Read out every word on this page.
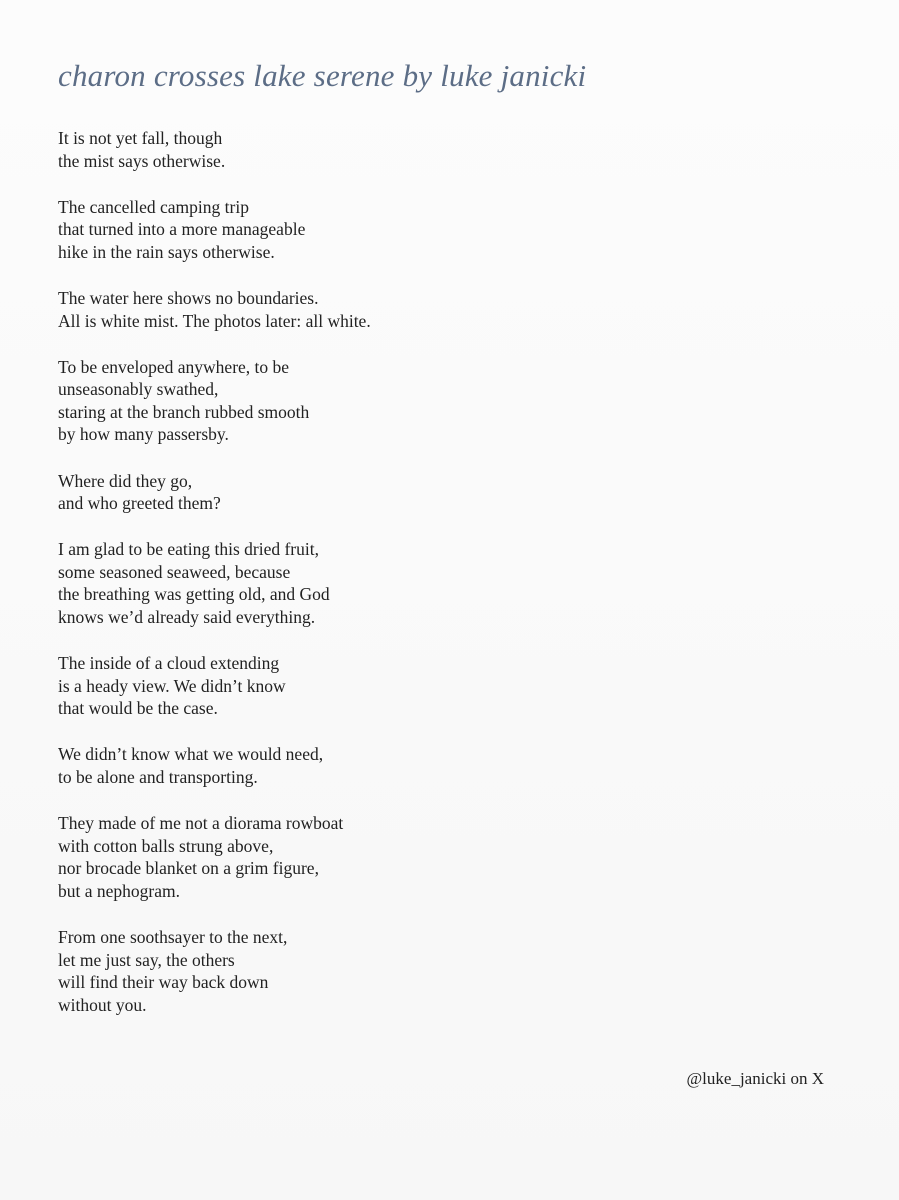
charon crosses lake serene by luke janicki
It is not yet fall, though
the mist says otherwise.
The cancelled camping trip
that turned into a more manageable
hike in the rain says otherwise.
The water here shows no boundaries.
All is white mist. The photos later: all white.
To be enveloped anywhere, to be
unseasonably swathed,
staring at the branch rubbed smooth
by how many passersby.
Where did they go,
and who greeted them?
I am glad to be eating this dried fruit,
some seasoned seaweed, because
the breathing was getting old, and God
knows we’d already said everything.
The inside of a cloud extending
is a heady view. We didn’t know
that would be the case.
We didn’t know what we would need,
to be alone and transporting.
They made of me not a diorama rowboat
with cotton balls strung above,
nor brocade blanket on a grim figure,
but a nephogram.
From one soothsayer to the next,
let me just say, the others
will find their way back down
without you.
@luke_janicki on X
